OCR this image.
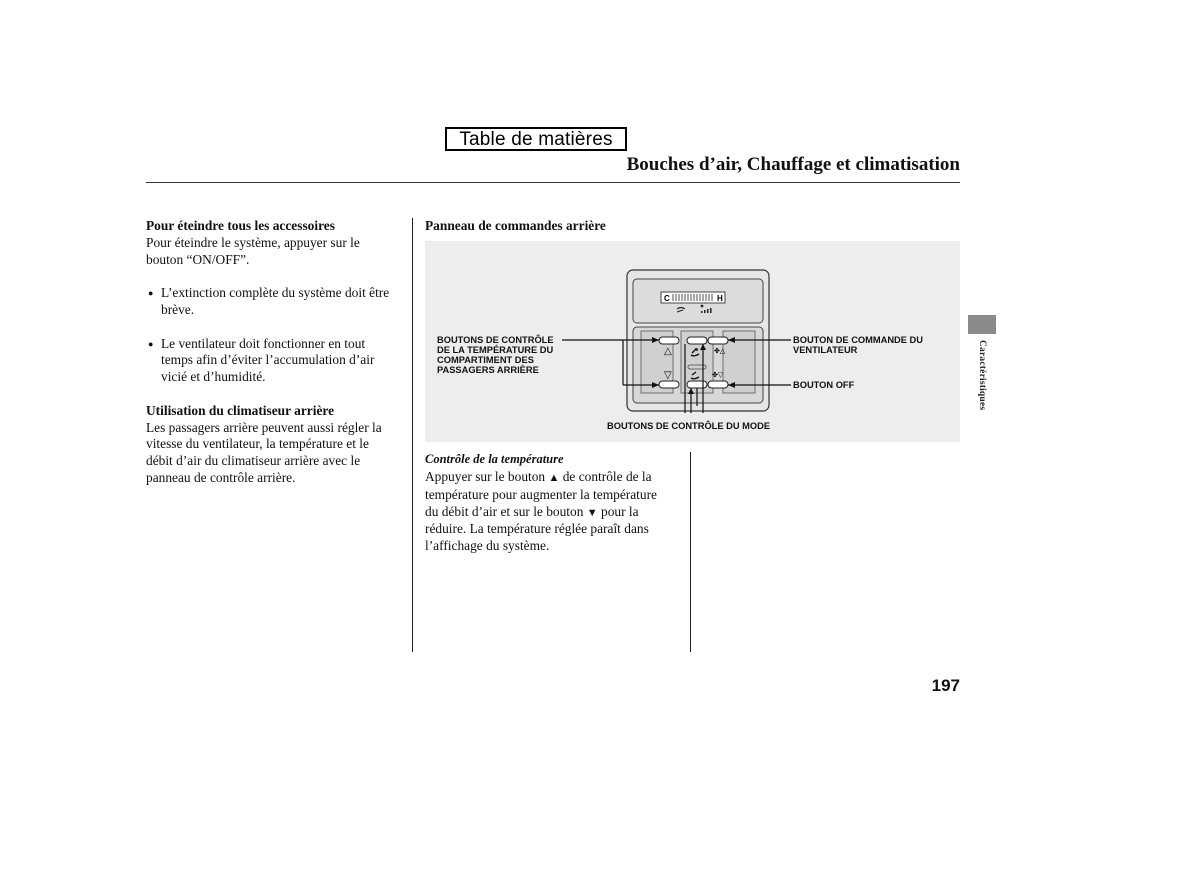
Table de matières
Bouches d’air, Chauffage et climatisation

Pour éteindre tous les accessoires

Pour éteindre le système, appuyer sur le

bouton “ON/OFF”.

● L’extinction complète du système doit être

brève.

● Le ventilateur doit fonctionner en tout

temps afin d’éviter l’accumulation d’air

vicié et d’humidité.

Utilisation du climatiseur arrière

Les passagers arrière peuvent aussi régler la

vitesse du ventilateur, la température et le

débit d’air du climatiseur arrière avec le

panneau de contrôle arrière.

Panneau de commandes arrière
C	H
△
▽
✤△
✤▽
BOUTONS DE CONTRÔLE
DE LA TEMPÉRATURE DU
COMPARTIMENT DES
PASSAGERS ARRIÈRE
BOUTON DE COMMANDE DU
VENTILATEUR
BOUTON OFF
BOUTONS DE CONTRÔLE DU MODE
Contrôle de la température

Appuyer sur le bouton ▲ de contrôle de la

température pour augmenter la température

du débit d’air et sur le bouton ▼ pour la

réduire. La température réglée paraît dans

l’affichage du système.

197
Caractéristiques
